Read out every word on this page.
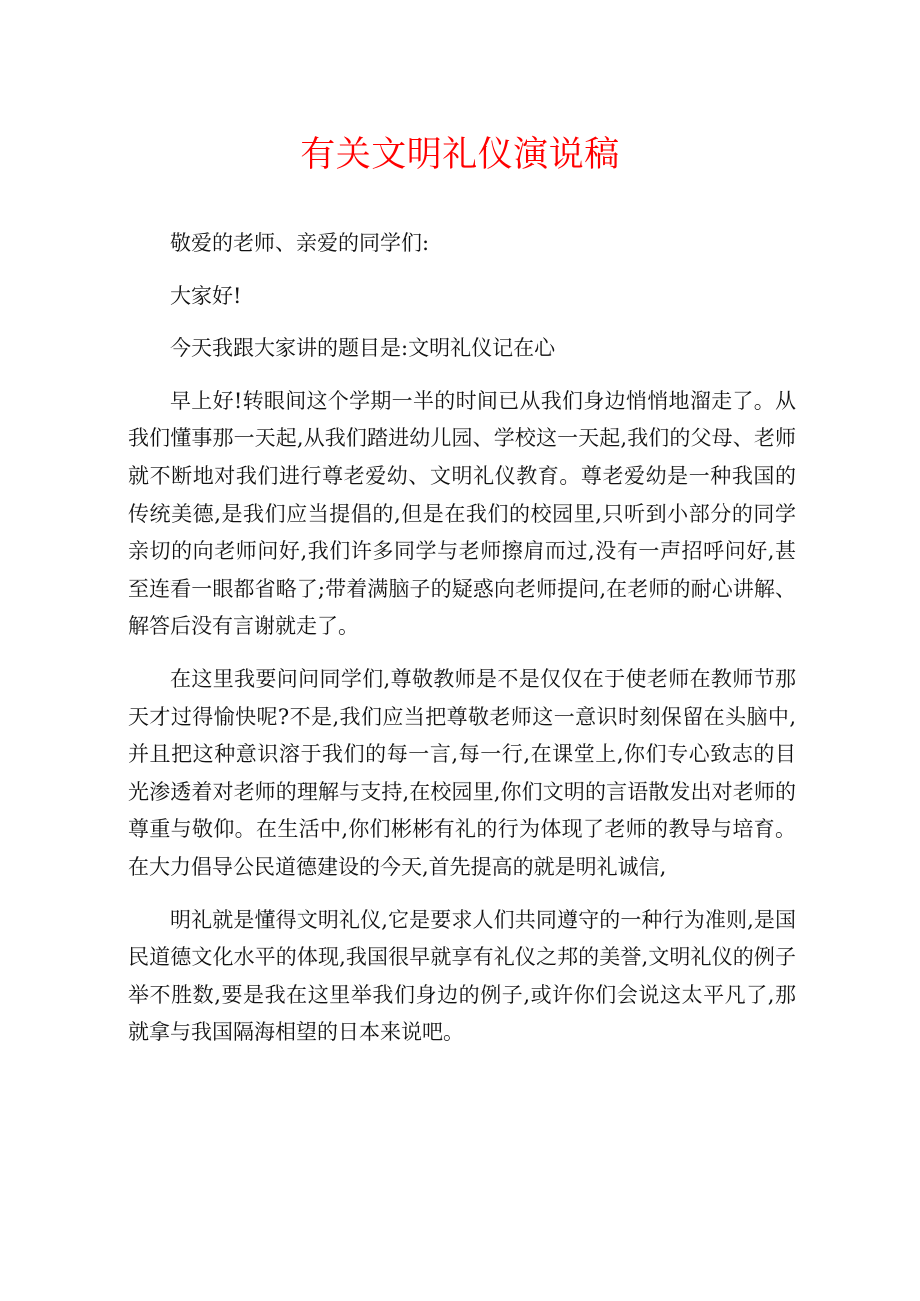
有关文明礼仪演说稿

敬爱的老师、亲爱的同学们:

大家好!

今天我跟大家讲的题目是:文明礼仪记在心

早上好!转眼间这个学期一半的时间已从我们身边悄悄地溜走了。从我们懂事那一天起,从我们踏进幼儿园、学校这一天起,我们的父母、老师就不断地对我们进行尊老爱幼、文明礼仪教育。尊老爱幼是一种我国的传统美德,是我们应当提倡的,但是在我们的校园里,只听到小部分的同学亲切的向老师问好,我们许多同学与老师擦肩而过,没有一声招呼问好,甚至连看一眼都省略了;带着满脑子的疑惑向老师提问,在老师的耐心讲解、解答后没有言谢就走了。

在这里我要问问同学们,尊敬教师是不是仅仅在于使老师在教师节那天才过得愉快呢?不是,我们应当把尊敬老师这一意识时刻保留在头脑中,并且把这种意识溶于我们的每一言,每一行,在课堂上,你们专心致志的目光渗透着对老师的理解与支持,在校园里,你们文明的言语散发出对老师的尊重与敬仰。在生活中,你们彬彬有礼的行为体现了老师的教导与培育。在大力倡导公民道德建设的今天,首先提高的就是明礼诚信,

明礼就是懂得文明礼仪,它是要求人们共同遵守的一种行为准则,是国民道德文化水平的体现,我国很早就享有礼仪之邦的美誉,文明礼仪的例子举不胜数,要是我在这里举我们身边的例子,或许你们会说这太平凡了,那就拿与我国隔海相望的日本来说吧。
